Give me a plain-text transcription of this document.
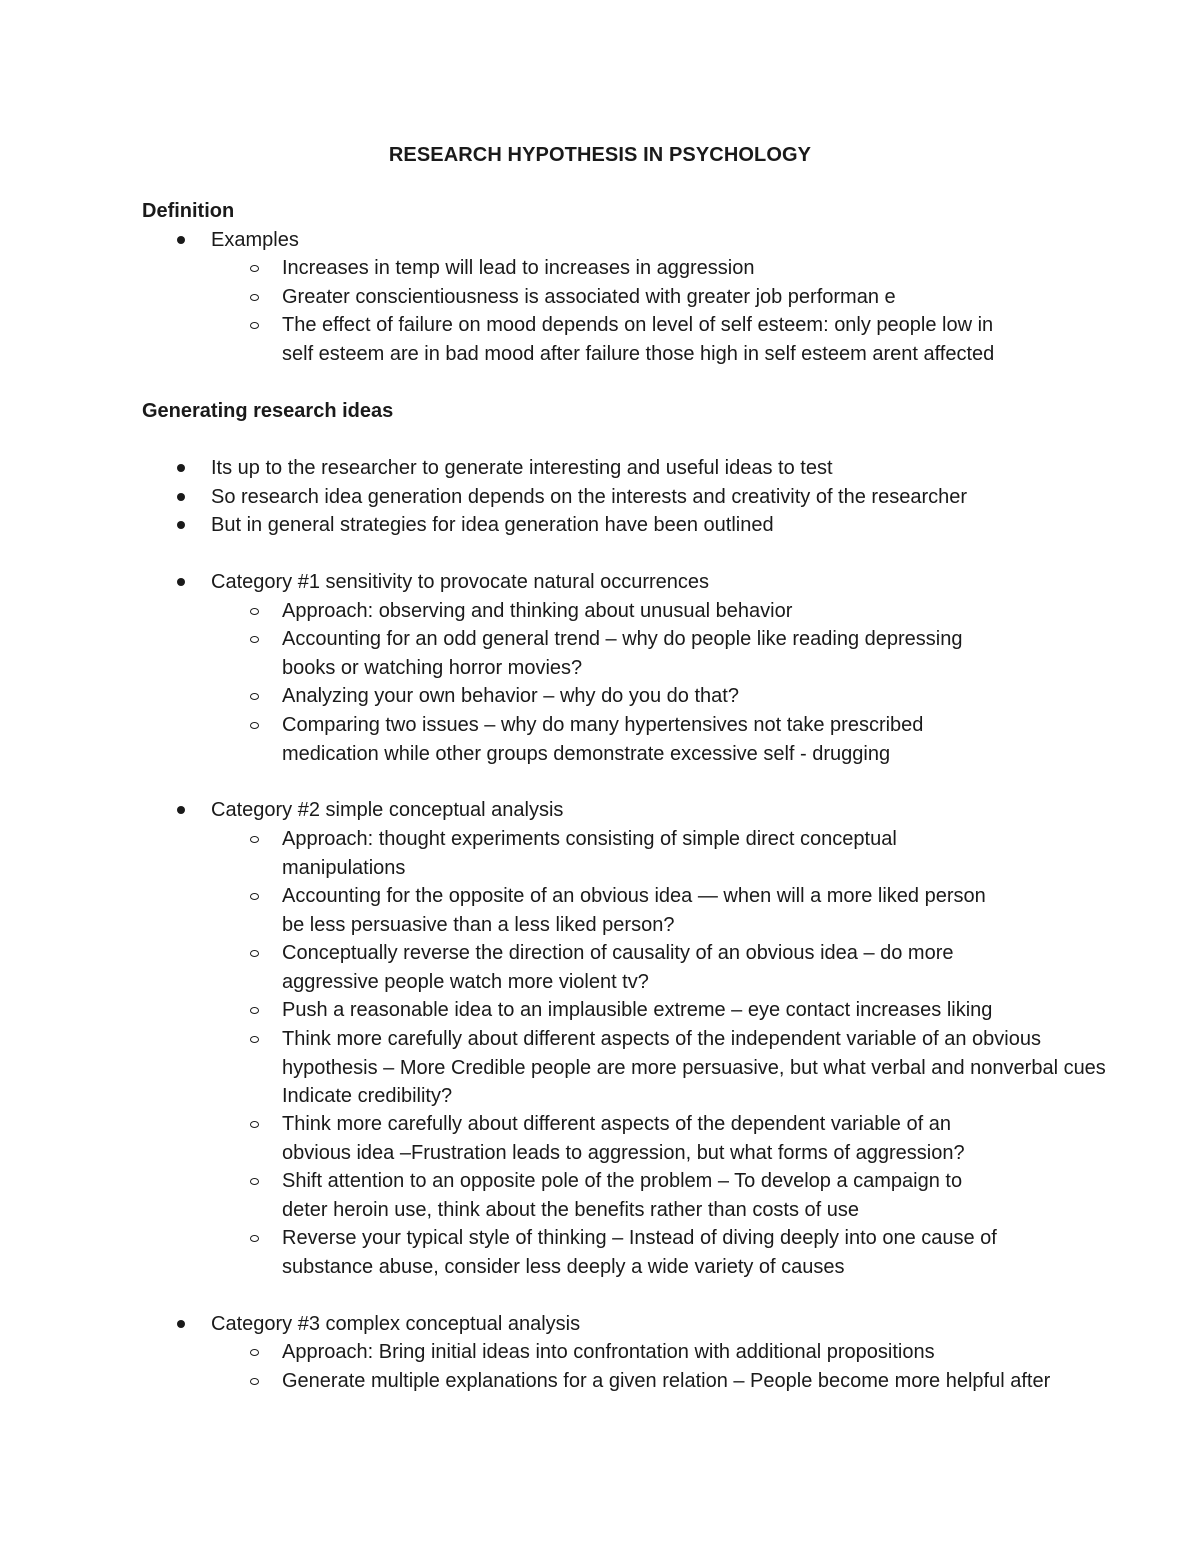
RESEARCH HYPOTHESIS IN PSYCHOLOGY
Definition
Examples
Increases in temp will lead to increases in aggression
Greater conscientiousness is associated with greater job performan e
The effect of failure on mood depends on level of self esteem: only people low in
self esteem are in bad mood after failure those high in self esteem arent affected
Generating research ideas
Its up to the researcher to generate interesting and useful ideas to test
So research idea generation depends on the interests and creativity of the researcher
But in general strategies for idea generation have been outlined
Category #1 sensitivity to provocate natural occurrences
Approach: observing and thinking about unusual behavior
Accounting for an odd general trend – why do people like reading depressing
books or watching horror movies?
Analyzing your own behavior – why do you do that?
Comparing two issues – why do many hypertensives not take prescribed
medication while other groups demonstrate excessive self - drugging
Category #2 simple conceptual analysis
Approach: thought experiments consisting of simple direct conceptual
manipulations
Accounting for the opposite of an obvious idea — when will a more liked person
be less persuasive than a less liked person?
Conceptually reverse the direction of causality of an obvious idea – do more
aggressive people watch more violent tv?
Push a reasonable idea to an implausible extreme – eye contact increases liking
Think more carefully about different aspects of the independent variable of an obvious
hypothesis – More Credible people are more persuasive, but what verbal and nonverbal cues
Indicate credibility?
Think more carefully about different aspects of the dependent variable of an
obvious idea –Frustration leads to aggression, but what forms of aggression?
Shift attention to an opposite pole of the problem – To develop a campaign to
deter heroin use, think about the benefits rather than costs of use
Reverse your typical style of thinking – Instead of diving deeply into one cause of
substance abuse, consider less deeply a wide variety of causes
Category #3 complex conceptual analysis
Approach: Bring initial ideas into confrontation with additional propositions
Generate multiple explanations for a given relation – People become more helpful after
